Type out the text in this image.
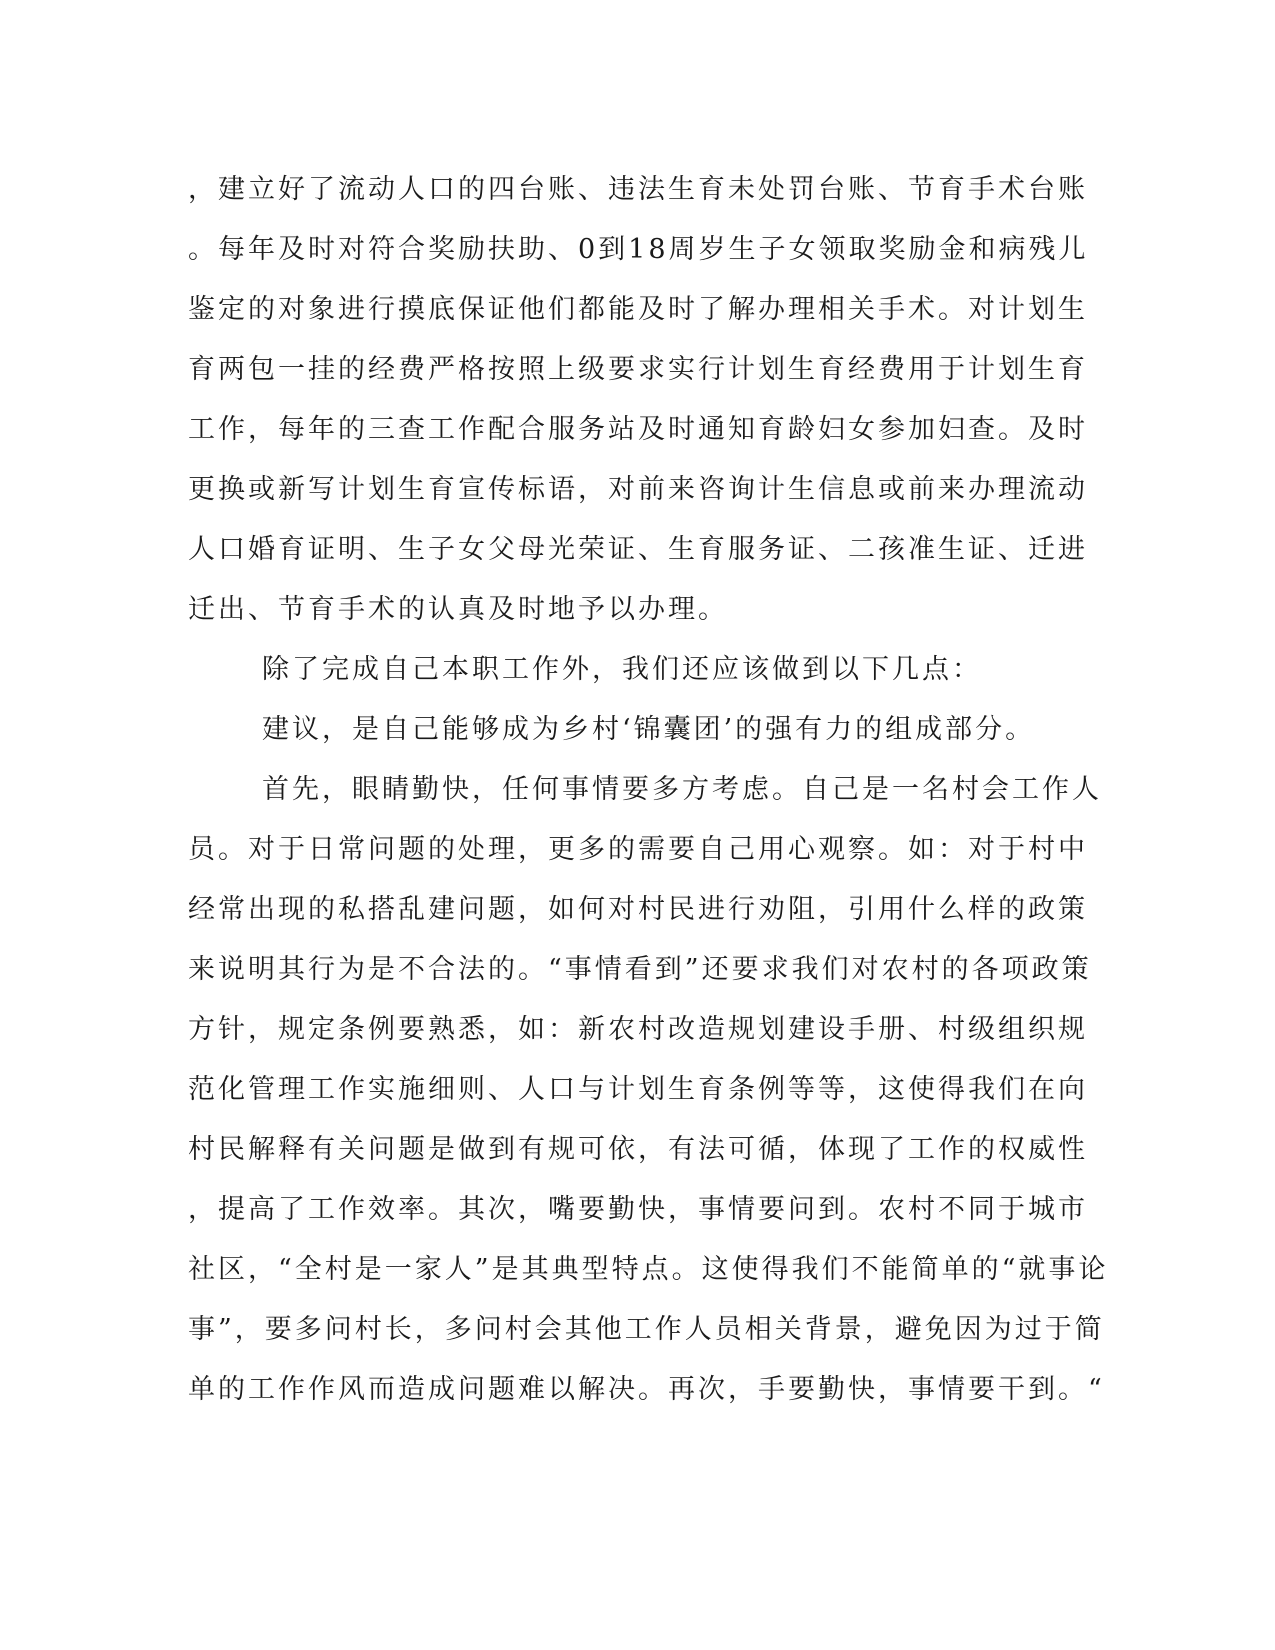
，建立好了流动人口的四台账、违法生育未处罚台账、节育手术台账
。每年及时对符合奖励扶助、0到18周岁生子女领取奖励金和病残儿
鉴定的对象进行摸底保证他们都能及时了解办理相关手术。对计划生
育两包一挂的经费严格按照上级要求实行计划生育经费用于计划生育
工作，每年的三查工作配合服务站及时通知育龄妇女参加妇查。及时
更换或新写计划生育宣传标语，对前来咨询计生信息或前来办理流动
人口婚育证明、生子女父母光荣证、生育服务证、二孩准生证、迁进
迁出、节育手术的认真及时地予以办理。
除了完成自己本职工作外，我们还应该做到以下几点：
建议，是自己能够成为乡村‘锦囊团’的强有力的组成部分。
首先，眼睛勤快，任何事情要多方考虑。自己是一名村会工作人
员。对于日常问题的处理，更多的需要自己用心观察。如：对于村中
经常出现的私搭乱建问题，如何对村民进行劝阻，引用什么样的政策
来说明其行为是不合法的。“事情看到”还要求我们对农村的各项政策
方针，规定条例要熟悉，如：新农村改造规划建设手册、村级组织规
范化管理工作实施细则、人口与计划生育条例等等，这使得我们在向
村民解释有关问题是做到有规可依，有法可循，体现了工作的权威性
，提高了工作效率。其次，嘴要勤快，事情要问到。农村不同于城市
社区，“全村是一家人”是其典型特点。这使得我们不能简单的“就事论
事”，要多问村长，多问村会其他工作人员相关背景，避免因为过于简
单的工作作风而造成问题难以解决。再次，手要勤快，事情要干到。“
